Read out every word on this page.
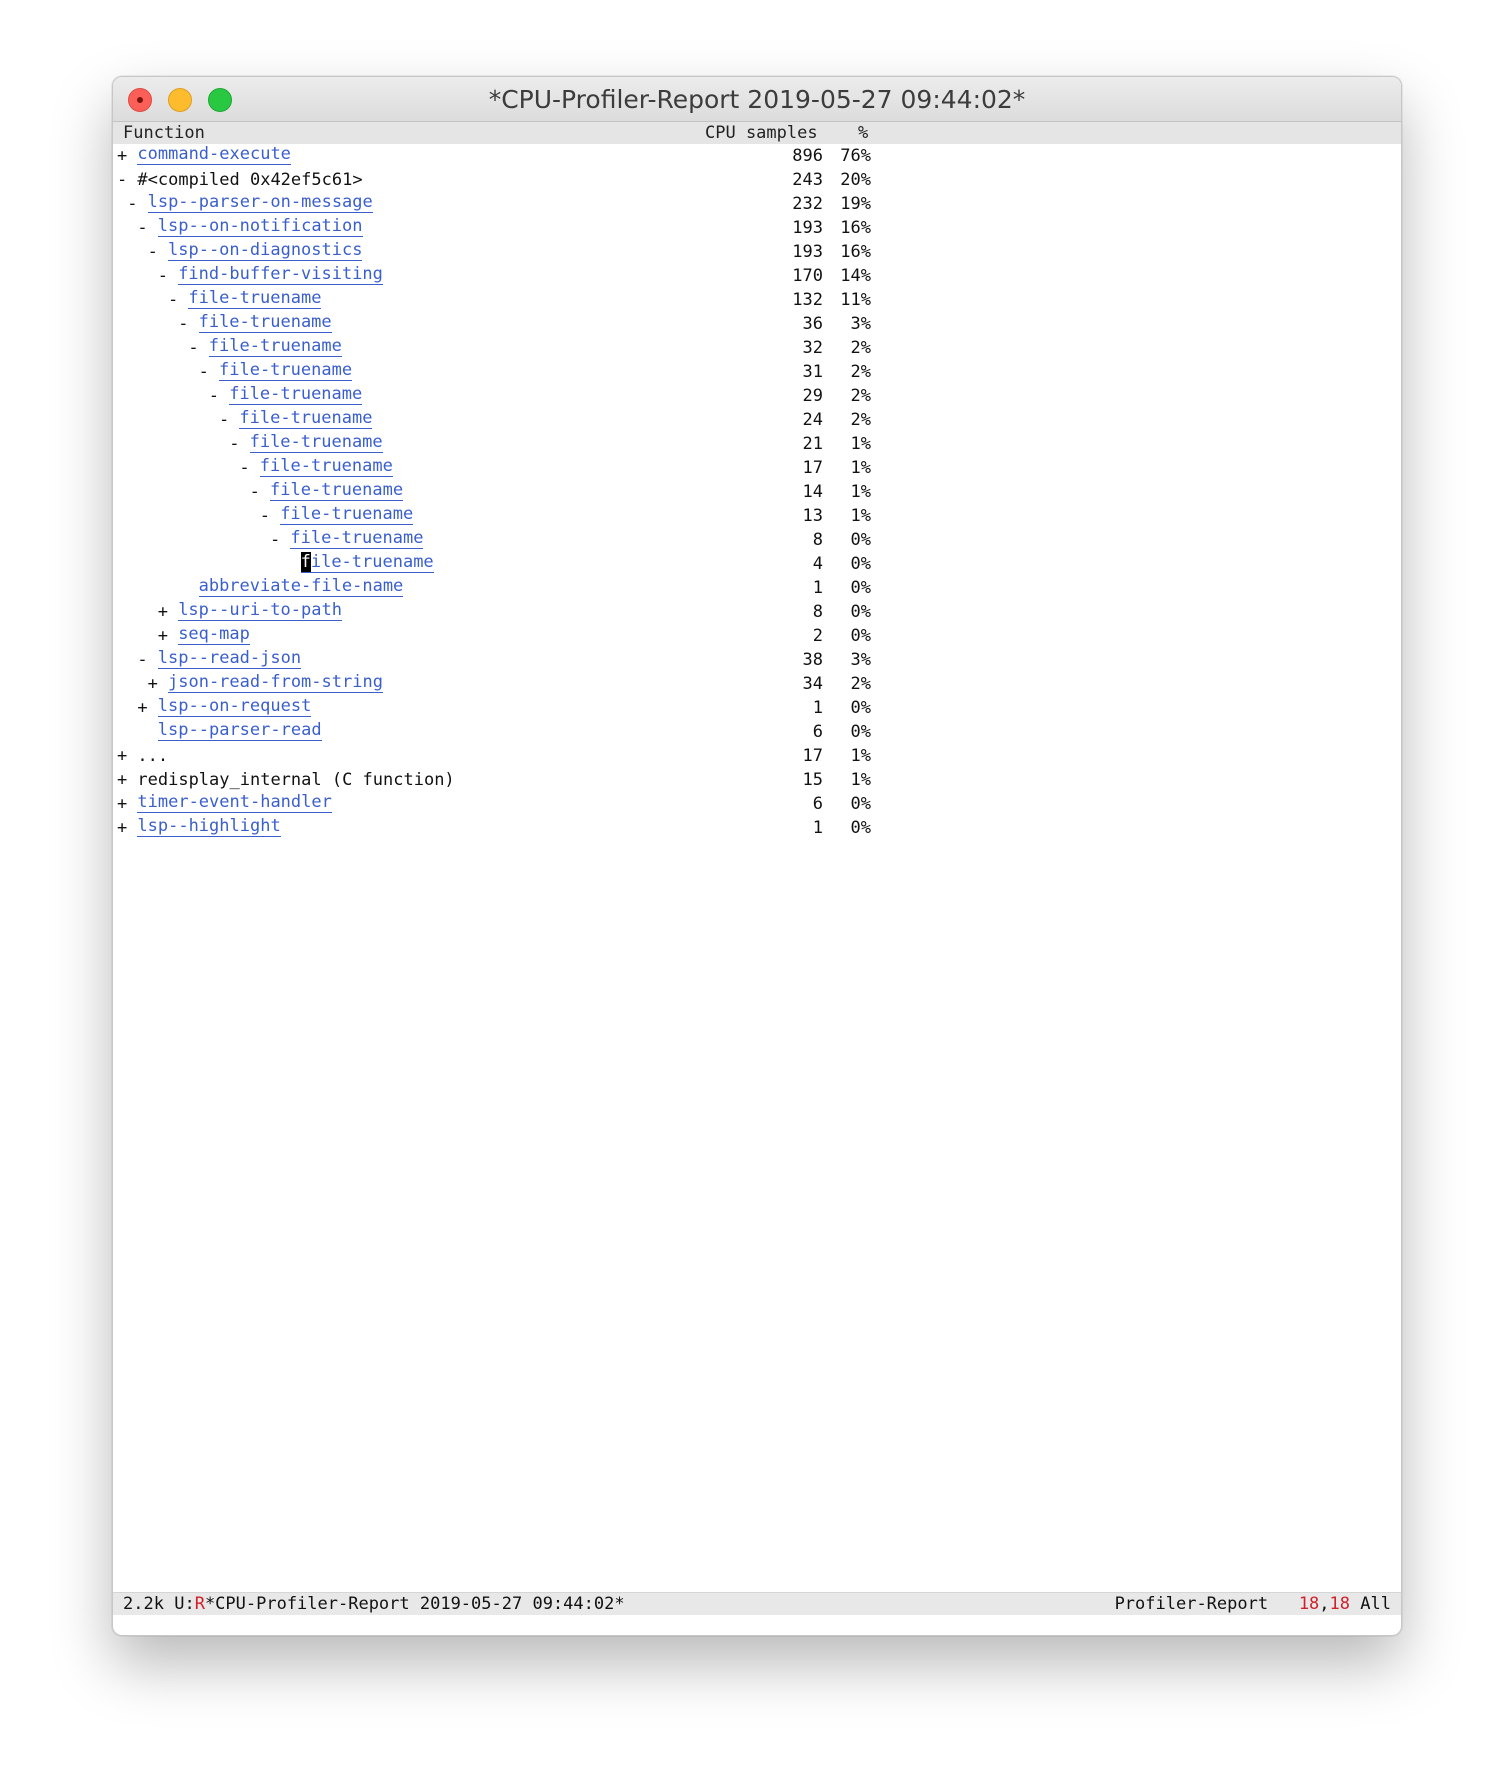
*CPU-Profiler-Report 2019-05-27 09:44:02*
Function	CPU samples %
+ command-execute	896	76%
- #<compiled 0x42ef5c61>	243	20%
- lsp--parser-on-message	232	19%
- lsp--on-notification	193	16%
- lsp--on-diagnostics	193	16%
- find-buffer-visiting	170	14%
- file-truename	132	11%
- file-truename	36	3%
- file-truename	32	2%
- file-truename	31	2%
- file-truename	29	2%
- file-truename	24	2%
- file-truename	21	1%
- file-truename	17	1%
- file-truename	14	1%
- file-truename	13	1%
- file-truename	8	0%
file-truename	4	0%
abbreviate-file-name	1	0%
+ lsp--uri-to-path	8	0%
+ seq-map	2	0%
- lsp--read-json	38	3%
+ json-read-from-string	34	2%
+ lsp--on-request	1	0%
lsp--parser-read	6	0%
+ ...	17	1%
+ redisplay_internal (C function)	15	1%
+ timer-event-handler	6	0%
+ lsp--highlight	1	0%

2.2k U:R*CPU-Profiler-Report 2019-05-27 09:44:02*

	Profiler-Report 18,18 All
